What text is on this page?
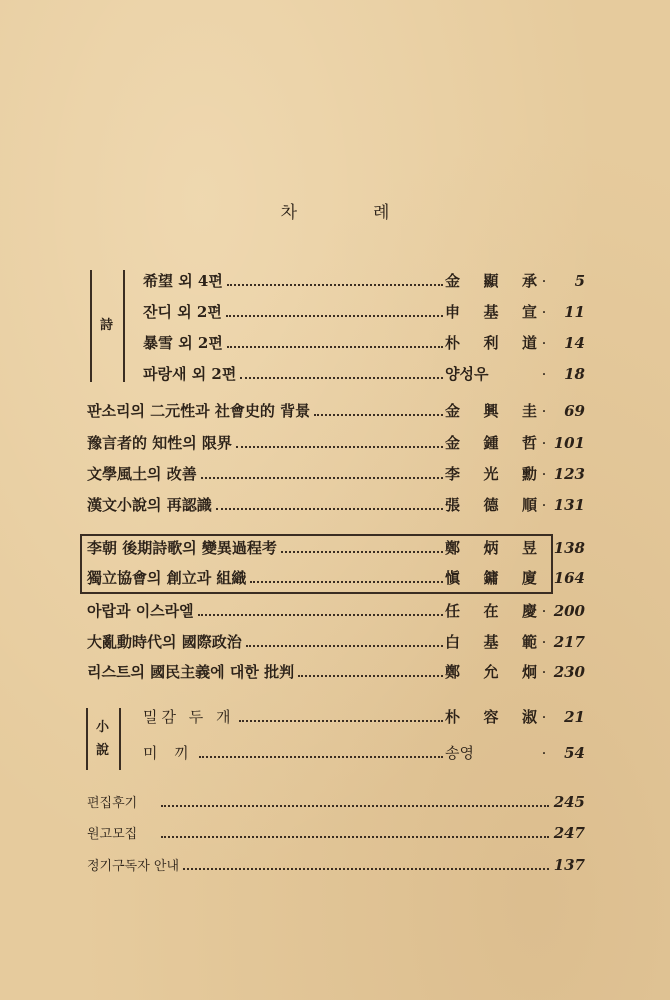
차	례
詩
希望 외 4편	金顯承 ·	5
잔디 외 2편	申基宣 ·	11
暴雪 외 2편	朴利道 ·	14
파랑새 외 2편	양성우	·	18
판소리의 二元性과 社會史的 背景	金興圭 ·	69
豫言者的 知性의 限界	金鍾哲 · 101
文學風土의 改善	李光勳 · 123
漢文小說의 再認識	張德順 · 131
李朝 後期詩歌의 變異過程考	鄭炳昱 138
獨立協會의 創立과 組織	愼鏞廈 164
아랍과 이스라엘	任在慶 · 200
大亂動時代의 國際政治	白基範 · 217
리스트의 國民主義에 대한 批判	鄭允炯 · 230
小
說
밀감 두 개	朴容淑 ·	21
미 끼	송영	·	54
편집후기	245
원고모집	247
정기구독자 안내	137
